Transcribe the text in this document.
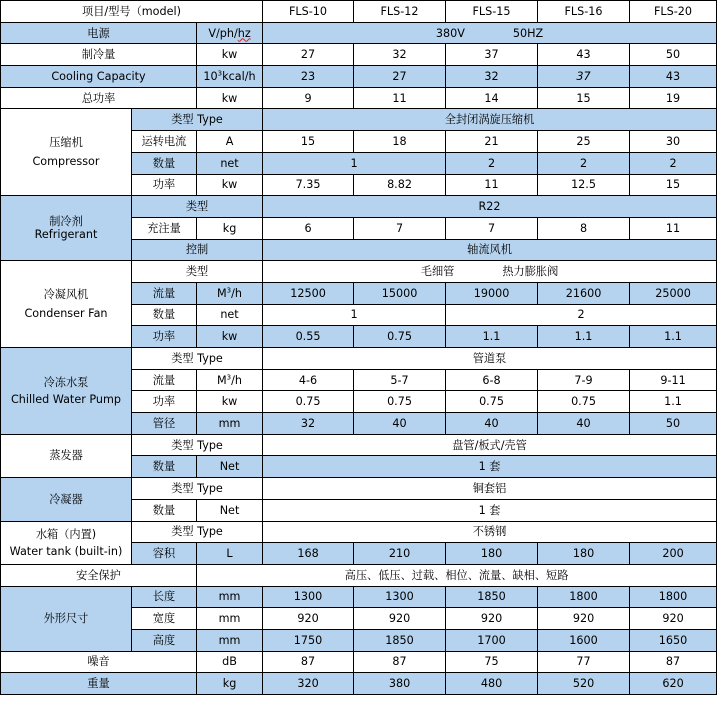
项目/型号（model)			FLS-10	FLS-12	FLS-15	FLS-16	FLS-20
电源		V/ph/hz	380V 50HZ				
制冷量		kw	27	32	37	43	50
Cooling Capacity		$10^3kcal/h$	23	27	32	37	43
总功率		kw	9	11	14	15	19

压缩机
Compressor	类型 Type		全封闭涡旋压缩机				
	运转电流	A	15	18	21	25	30
	数量	net	1		2	2	2
	功率	kw	7.35	8.82	11	12.5	15

制冷剂
Refrigerant	类型		R22				
	充注量	kg	6	7	7	8	11
	控制		轴流风机				

冷凝风机
Condenser Fan	类型		毛细管 热力膨胀阀				
	流量	$M^3/h$	12500	15000	19000	21600	25000
	数量	net	1		2		
	功率	kw	0.55	0.75	1.1	1.1	1.1

冷冻水泵
Chilled Water Pump	类型 Type		管道泵				
	流量	$M^3/h$	4-6	5-7	6-8	7-9	9-11
	功率	kw	0.75	0.75	0.75	0.75	1.1
	管径	mm	32	40	40	40	50
蒸发器	类型 Type		盘管/板式/壳管				
	数量	Net	1 套				
冷凝器	类型 Type		铜套铝				
	数量	Net	1 套				

水箱（内置)
Water tank (built-in)	类型 Type		不锈钢				
	容积	L	168	210	180	180	200
安全保护		高压、低压、过载、相位、流量、缺相、短路					
外形尺寸	长度	mm	1300	1300	1850	1800	1800
	宽度	mm	920	920	920	920	920
	高度	mm	1750	1850	1700	1600	1650
噪音		dB	87	87	75	77	87
重量		kg	320	380	480	520	620
